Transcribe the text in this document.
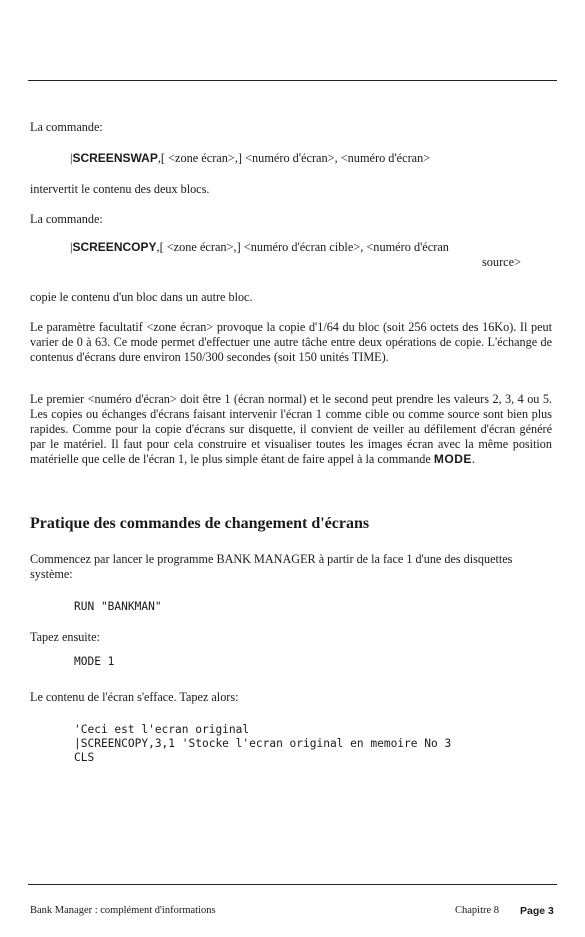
La commande:

|SCREENSWAP,[ <zone écran>,] <numéro d'écran>, <numéro d'écran>

intervertit le contenu des deux blocs.

La commande:

|SCREENCOPY,[ <zone écran>,] <numéro d'écran cible>, <numéro d'écran

source>

copie le contenu d'un bloc dans un autre bloc.

Le paramètre facultatif <zone écran> provoque la copie d'1/64 du bloc (soit 256 octets des 16Ko). Il peut varier de 0 à 63. Ce mode permet d'effectuer une autre tâche entre deux opérations de copie. L'échange de contenus d'écrans dure environ 150/300 secondes (soit 150 unités TIME).

Le premier <numéro d'écran> doit être 1 (écran normal) et le second peut prendre les valeurs 2, 3, 4 ou 5. Les copies ou échanges d'écrans faisant intervenir l'écran 1 comme cible ou comme source sont bien plus rapides. Comme pour la copie d'écrans sur disquette, il convient de veiller au défilement d'écran généré par le matériel. Il faut pour cela construire et visualiser toutes les images écran avec la même position matérielle que celle de l'écran 1, le plus simple étant de faire appel à la commande MODE.

Pratique des commandes de changement d'écrans

Commencez par lancer le programme BANK MANAGER à partir de la face 1 d'une des disquettes système:

RUN "BANKMAN"

Tapez ensuite:

MODE 1

Le contenu de l'écran s'efface. Tapez alors:

'Ceci est l'ecran original

|SCREENCOPY,3,1 'Stocke l'ecran original en memoire No 3

CLS

Bank Manager : complément d'informations	Chapitre 8 Page 3
